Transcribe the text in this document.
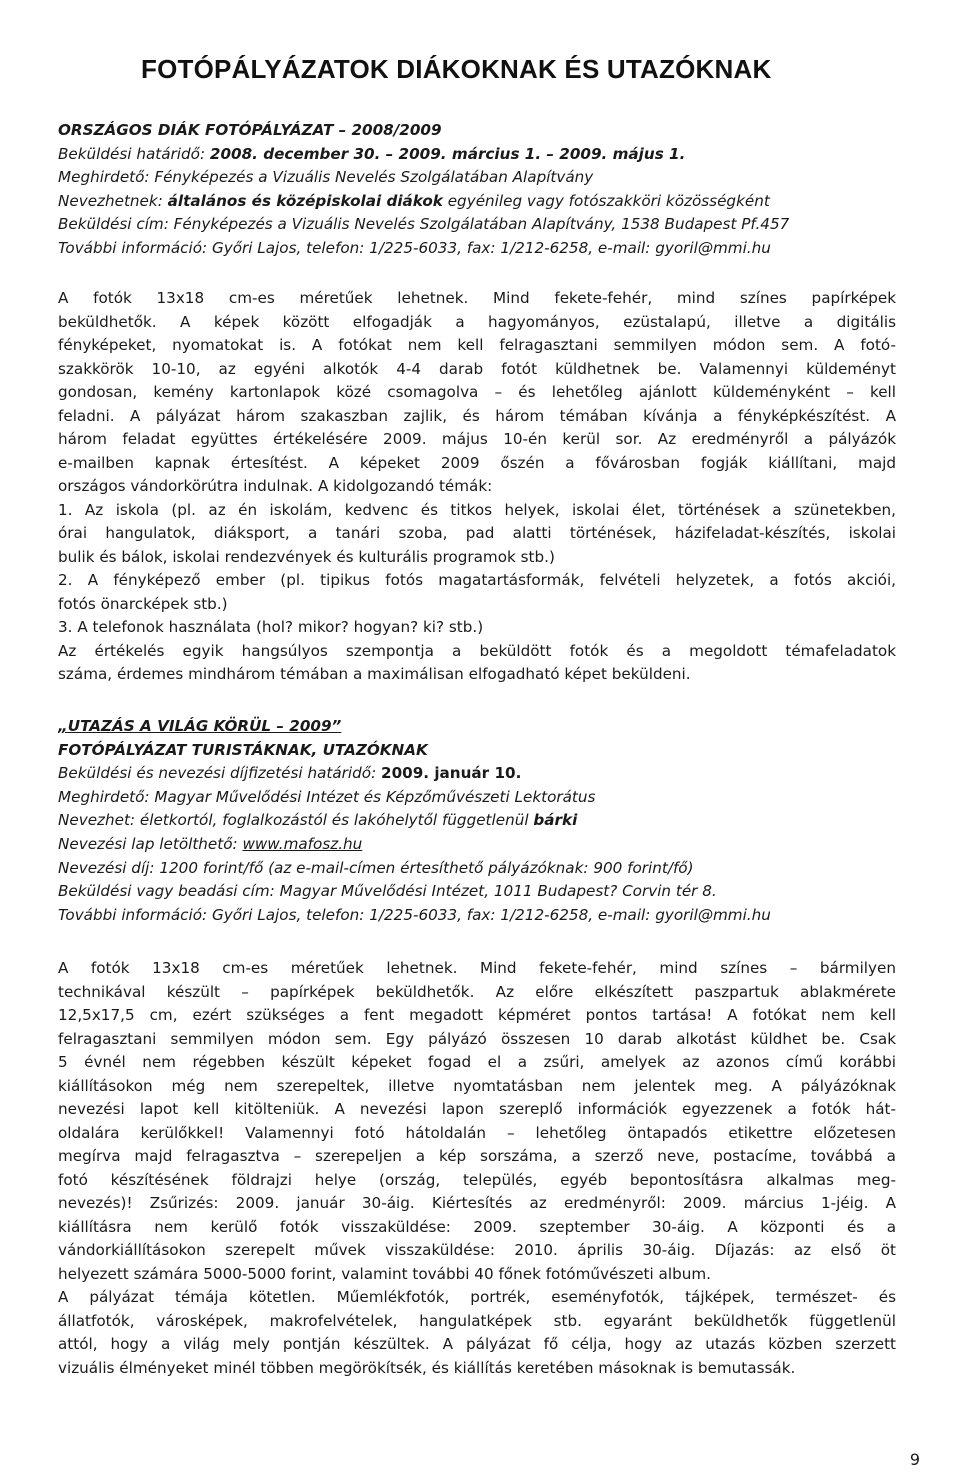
FOTÓPÁLYÁZATOK DIÁKOKNAK ÉS UTAZÓKNAK

ORSZÁGOS DIÁK FOTÓPÁLYÁZAT – 2008/2009

Beküldési határidő: 2008. december 30. – 2009. március 1. – 2009. május 1.

Meghirdető: Fényképezés a Vizuális Nevelés Szolgálatában Alapítvány

Nevezhetnek: általános és középiskolai diákok egyénileg vagy fotószakköri közösségként

Beküldési cím: Fényképezés a Vizuális Nevelés Szolgálatában Alapítvány, 1538 Budapest Pf.457

További információ: Győri Lajos, telefon: 1/225-6033, fax: 1/212-6258, e-mail: gyoril@mmi.hu

A fotók 13x18 cm-es méretűek lehetnek. Mind fekete-fehér, mind színes papírképek
beküldhetők. A képek között elfogadják a hagyományos, ezüstalapú, illetve a digitális
fényképeket, nyomatokat is. A fotókat nem kell felragasztani semmilyen módon sem. A fotó-
szakkörök 10-10, az egyéni alkotók 4-4 darab fotót küldhetnek be. Valamennyi küldeményt
gondosan, kemény kartonlapok közé csomagolva – és lehetőleg ajánlott küldeményként – kell
feladni. A pályázat három szakaszban zajlik, és három témában kívánja a fényképkészítést. A
három feladat együttes értékelésére 2009. május 10-én kerül sor. Az eredményről a pályázók
e-mailben kapnak értesítést. A képeket 2009 őszén a fővárosban fogják kiállítani, majd
országos vándorkörútra indulnak. A kidolgozandó témák:
1. Az iskola (pl. az én iskolám, kedvenc és titkos helyek, iskolai élet, történések a szünetekben,
órai hangulatok, diáksport, a tanári szoba, pad alatti történések, házifeladat-készítés, iskolai
bulik és bálok, iskolai rendezvények és kulturális programok stb.)
2. A fényképező ember (pl. tipikus fotós magatartásformák, felvételi helyzetek, a fotós akciói,
fotós önarcképek stb.)
3. A telefonok használata (hol? mikor? hogyan? ki? stb.)
Az értékelés egyik hangsúlyos szempontja a beküldött fotók és a megoldott témafeladatok
száma, érdemes mindhárom témában a maximálisan elfogadható képet beküldeni.

„UTAZÁS A VILÁG KÖRÜL – 2009”

FOTÓPÁLYÁZAT TURISTÁKNAK, UTAZÓKNAK

Beküldési és nevezési díjfizetési határidő: 2009. január 10.

Meghirdető: Magyar Művelődési Intézet és Képzőművészeti Lektorátus

Nevezhet: életkortól, foglalkozástól és lakóhelytől függetlenül bárki

Nevezési lap letölthető: www.mafosz.hu

Nevezési díj: 1200 forint/fő (az e-mail-címen értesíthető pályázóknak: 900 forint/fő)

Beküldési vagy beadási cím: Magyar Művelődési Intézet, 1011 Budapest? Corvin tér 8.

További információ: Győri Lajos, telefon: 1/225-6033, fax: 1/212-6258, e-mail: gyoril@mmi.hu

A fotók 13x18 cm-es méretűek lehetnek. Mind fekete-fehér, mind színes – bármilyen
technikával készült – papírképek beküldhetők. Az előre elkészített paszpartuk ablakmérete
12,5x17,5 cm, ezért szükséges a fent megadott képméret pontos tartása! A fotókat nem kell
felragasztani semmilyen módon sem. Egy pályázó összesen 10 darab alkotást küldhet be. Csak
5 évnél nem régebben készült képeket fogad el a zsűri, amelyek az azonos című korábbi
kiállításokon még nem szerepeltek, illetve nyomtatásban nem jelentek meg. A pályázóknak
nevezési lapot kell kitölteniük. A nevezési lapon szereplő információk egyezzenek a fotók hát-
oldalára kerülőkkel! Valamennyi fotó hátoldalán – lehetőleg öntapadós etikettre előzetesen
megírva majd felragasztva – szerepeljen a kép sorszáma, a szerző neve, postacíme, továbbá a
fotó készítésének földrajzi helye (ország, település, egyéb bepontosításra alkalmas meg-
nevezés)! Zsűrizés: 2009. január 30-áig. Kiértesítés az eredményről: 2009. március 1-jéig. A
kiállításra nem kerülő fotók visszaküldése: 2009. szeptember 30-áig. A központi és a
vándorkiállításokon szerepelt művek visszaküldése: 2010. április 30-áig. Díjazás: az első öt
helyezett számára 5000-5000 forint, valamint további 40 főnek fotóművészeti album.
A pályázat témája kötetlen. Műemlékfotók, portrék, eseményfotók, tájképek, természet- és
állatfotók, városképek, makrofelvételek, hangulatképek stb. egyaránt beküldhetők függetlenül
attól, hogy a világ mely pontján készültek. A pályázat fő célja, hogy az utazás közben szerzett
vizuális élményeket minél többen megörökítsék, és kiállítás keretében másoknak is bemutassák.
9
